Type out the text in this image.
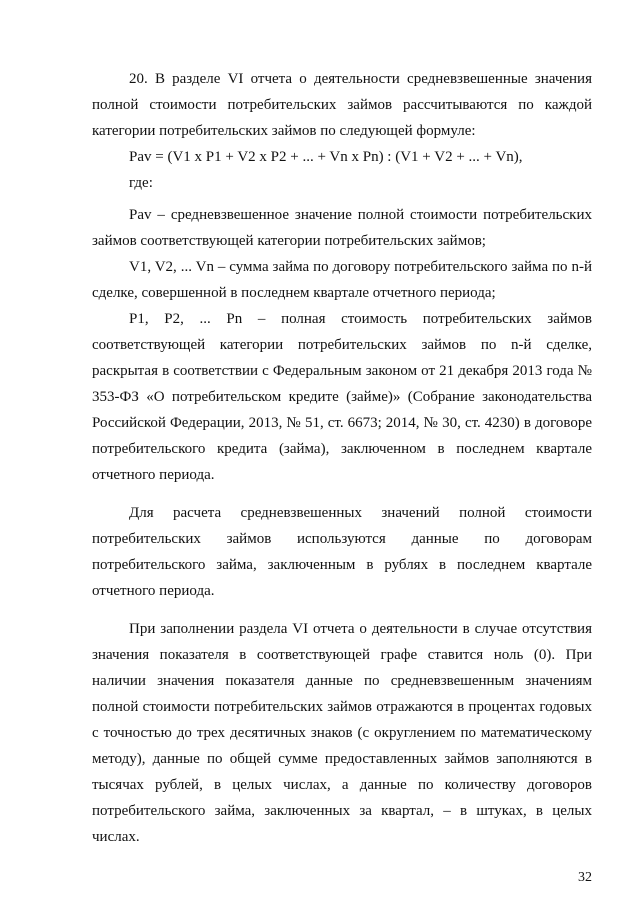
20. В разделе VI отчета о деятельности средневзвешенные значения полной стоимости потребительских займов рассчитываются по каждой категории потребительских займов по следующей формуле:

Pav = (V1 x P1 + V2 x P2 + ... + Vn x Pn) : (V1 + V2 + ... + Vn),

где:

Pav – средневзвешенное значение полной стоимости потребительских займов соответствующей категории потребительских займов;

V1, V2, ... Vn – сумма займа по договору потребительского займа по n-й сделке, совершенной в последнем квартале отчетного периода;

P1, P2, ... Pn – полная стоимость потребительских займов соответствующей категории потребительских займов по n-й сделке, раскрытая в соответствии с Федеральным законом от 21 декабря 2013 года № 353-ФЗ «О потребительском кредите (займе)» (Собрание законодательства Российской Федерации, 2013, № 51, ст. 6673; 2014, № 30, ст. 4230) в договоре потребительского кредита (займа), заключенном в последнем квартале отчетного периода.

Для расчета средневзвешенных значений полной стоимости потребительских займов используются данные по договорам потребительского займа, заключенным в рублях в последнем квартале отчетного периода.

При заполнении раздела VI отчета о деятельности в случае отсутствия значения показателя в соответствующей графе ставится ноль (0). При наличии значения показателя данные по средневзвешенным значениям полной стоимости потребительских займов отражаются в процентах годовых с точностью до трех десятичных знаков (с округлением по математическому методу), данные по общей сумме предоставленных займов заполняются в тысячах рублей, в целых числах, а данные по количеству договоров потребительского займа, заключенных за квартал, – в штуках, в целых числах.

32
